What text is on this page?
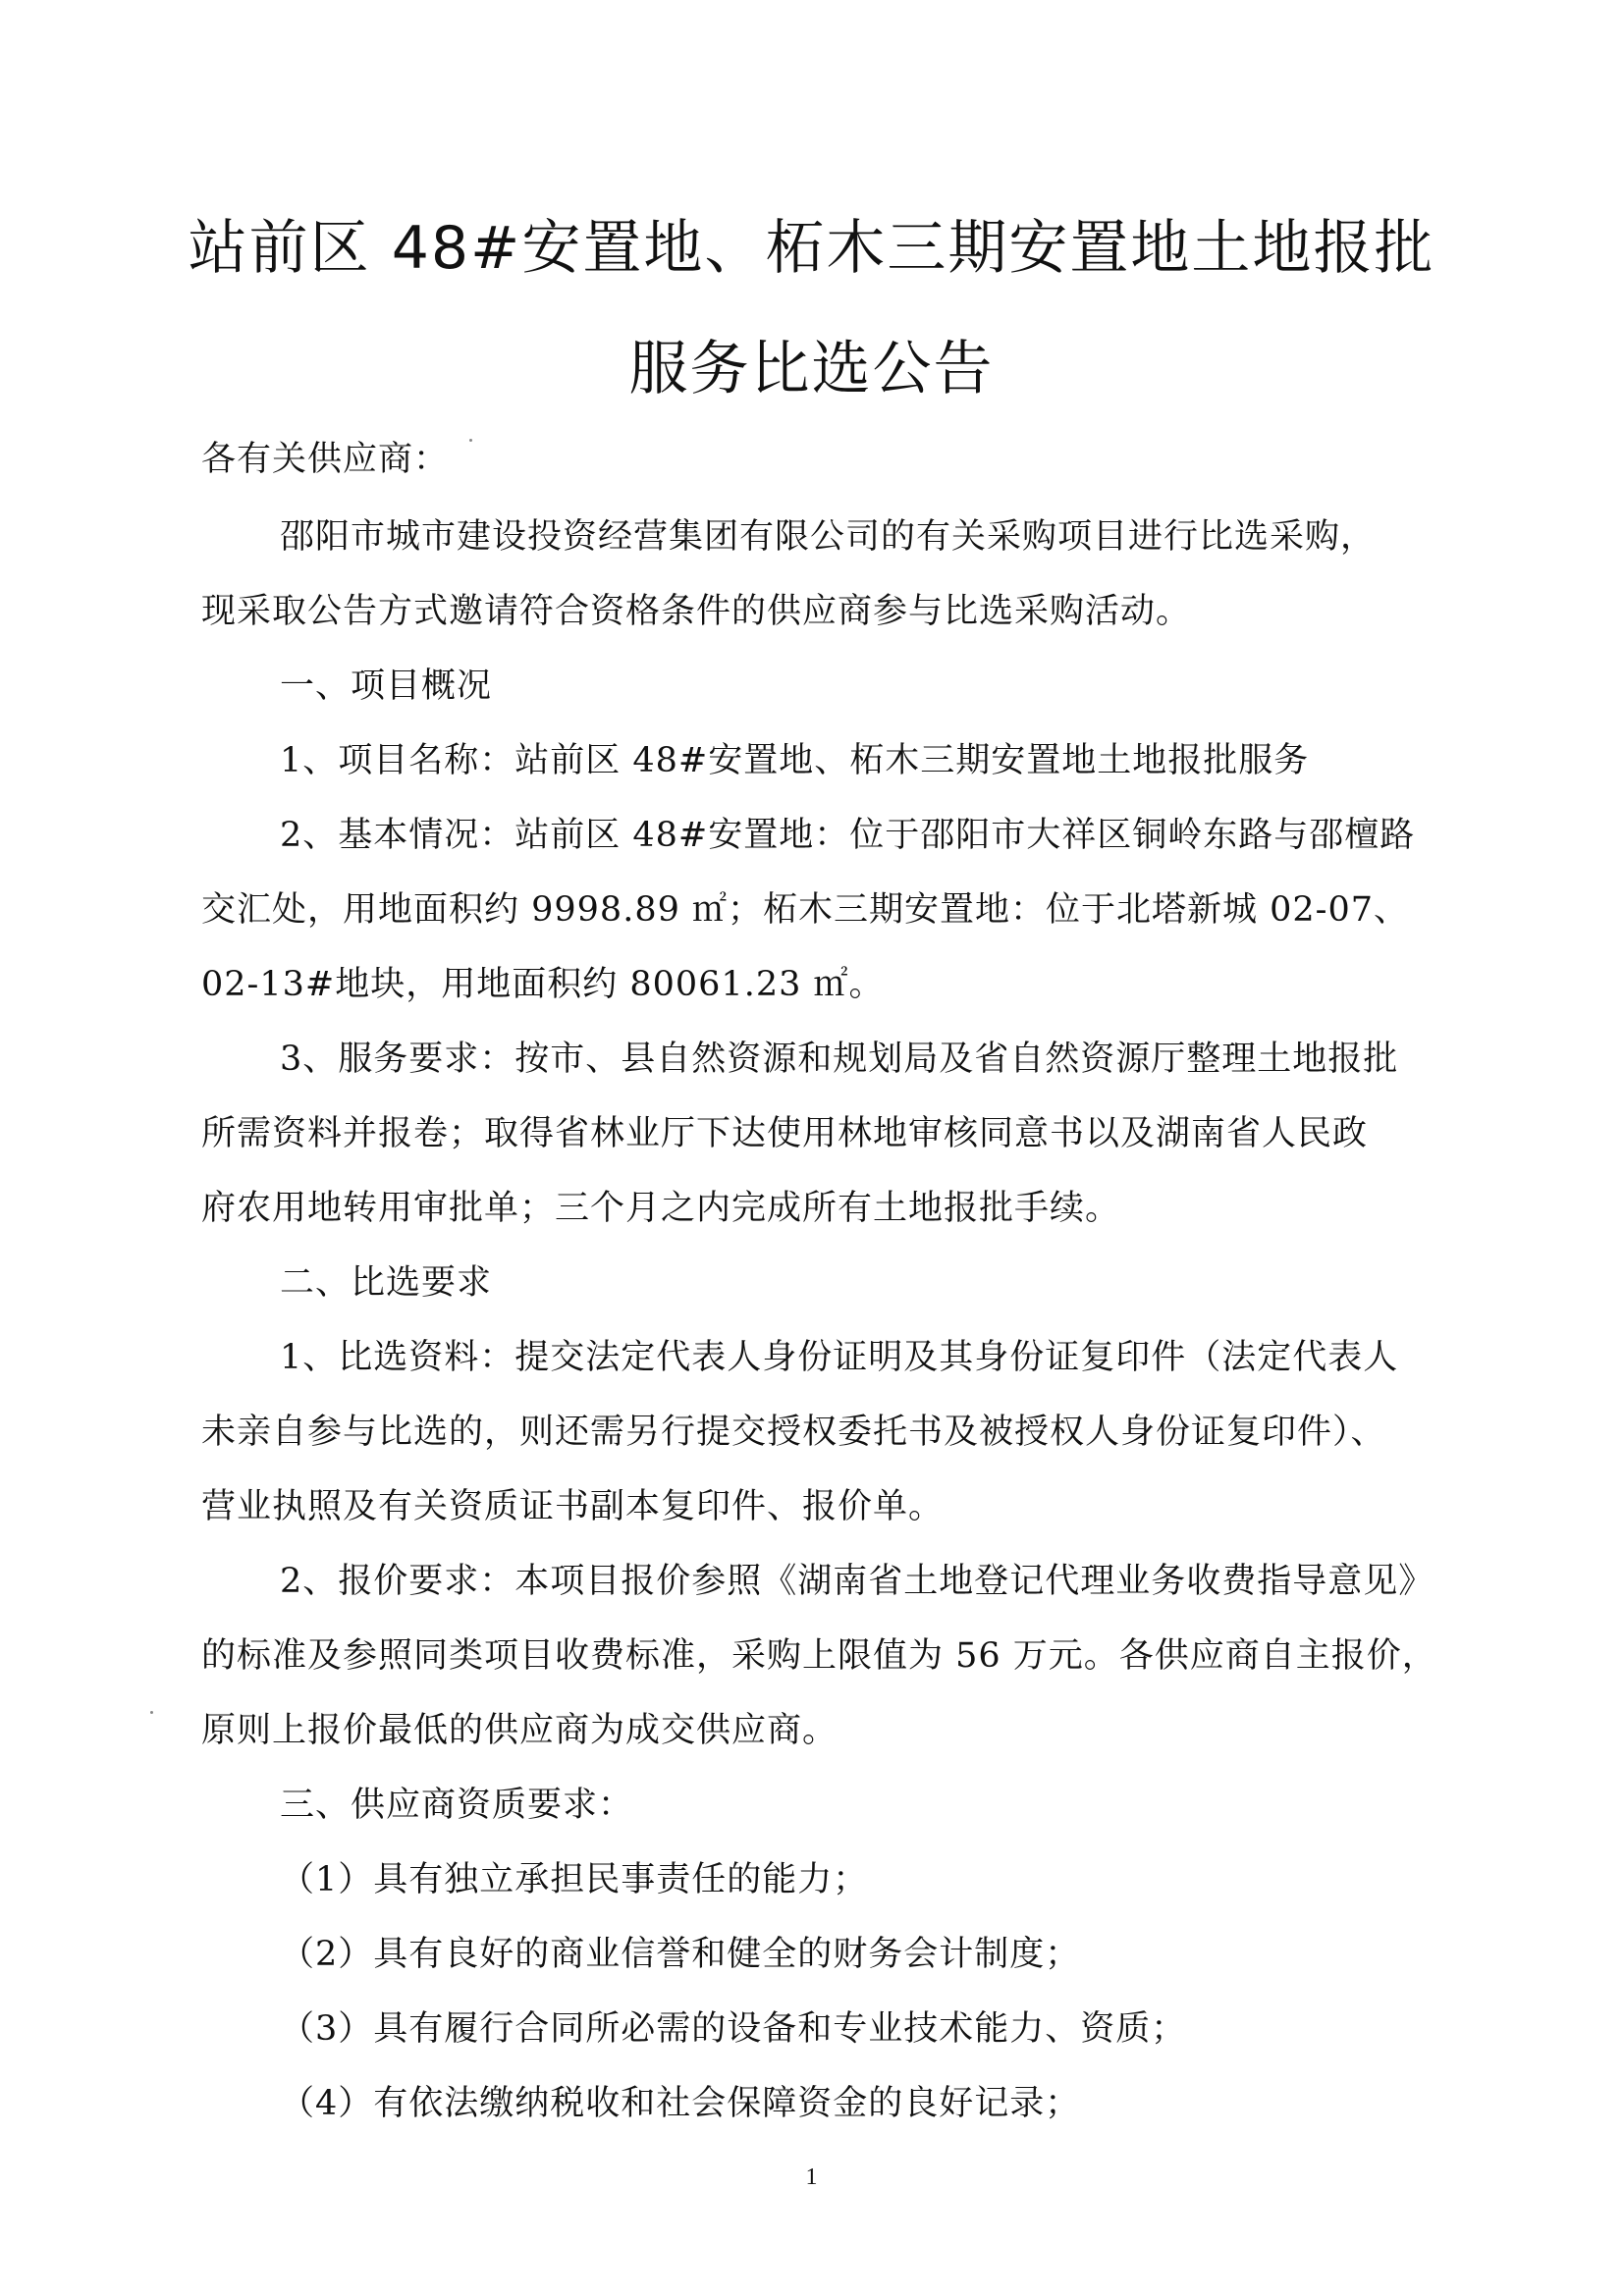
站前区 48#安置地、柘木三期安置地土地报批
服务比选公告
各有关供应商：
邵阳市城市建设投资经营集团有限公司的有关采购项目进行比选采购，
现采取公告方式邀请符合资格条件的供应商参与比选采购活动。
一、项目概况
1、项目名称：站前区 48#安置地、柘木三期安置地土地报批服务
2、基本情况：站前区 48#安置地：位于邵阳市大祥区铜岭东路与邵檀路
交汇处，用地面积约 9998.89 ㎡；柘木三期安置地：位于北塔新城 02-07、
02-13#地块，用地面积约 80061.23 ㎡。
3、服务要求：按市、县自然资源和规划局及省自然资源厅整理土地报批
所需资料并报卷；取得省林业厅下达使用林地审核同意书以及湖南省人民政
府农用地转用审批单；三个月之内完成所有土地报批手续。
二、比选要求
1、比选资料：提交法定代表人身份证明及其身份证复印件（法定代表人
未亲自参与比选的，则还需另行提交授权委托书及被授权人身份证复印件）、
营业执照及有关资质证书副本复印件、报价单。
2、报价要求：本项目报价参照《湖南省土地登记代理业务收费指导意见》
的标准及参照同类项目收费标准，采购上限值为 56 万元。各供应商自主报价，
原则上报价最低的供应商为成交供应商。
三、供应商资质要求：
（1）具有独立承担民事责任的能力；
（2）具有良好的商业信誉和健全的财务会计制度；
（3）具有履行合同所必需的设备和专业技术能力、资质；
（4）有依法缴纳税收和社会保障资金的良好记录；
1
